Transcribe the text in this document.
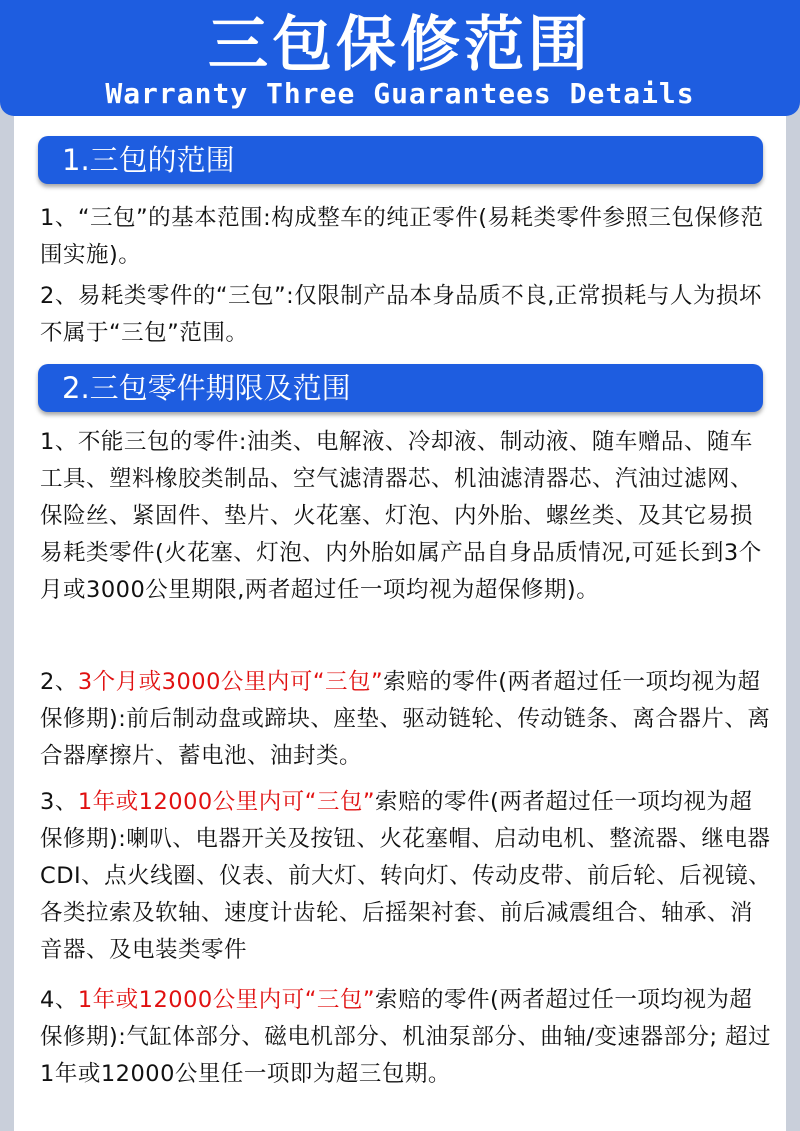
三包保修范围
Warranty Three Guarantees Details
1.三包的范围
1、“三包”的基本范围:构成整车的纯正零件(易耗类零件参照三包保修范围实施)。
2、易耗类零件的“三包”:仅限制产品本身品质不良,正常损耗与人为损坏不属于“三包”范围。
2.三包零件期限及范围
1、不能三包的零件:油类、电解液、冷却液、制动液、随车赠品、随车工具、塑料橡胶类制品、空气滤清器芯、机油滤清器芯、汽油过滤网、保险丝、紧固件、垫片、火花塞、灯泡、内外胎、螺丝类、及其它易损易耗类零件(火花塞、灯泡、内外胎如属产品自身品质情况,可延长到3个月或3000公里期限,两者超过任一项均视为超保修期)。
2、3个月或3000公里内可“三包”索赔的零件(两者超过任一项均视为超保修期):前后制动盘或蹄块、座垫、驱动链轮、传动链条、离合器片、离合器摩擦片、蓄电池、油封类。
3、1年或12000公里内可“三包”索赔的零件(两者超过任一项均视为超保修期):喇叭、电器开关及按钮、火花塞帽、启动电机、整流器、继电器CDI、点火线圈、仪表、前大灯、转向灯、传动皮带、前后轮、后视镜、各类拉索及软轴、速度计齿轮、后摇架衬套、前后减震组合、轴承、消音器、及电装类零件
4、1年或12000公里内可“三包”索赔的零件(两者超过任一项均视为超保修期):气缸体部分、磁电机部分、机油泵部分、曲轴/变速器部分; 超过1年或12000公里任一项即为超三包期。
